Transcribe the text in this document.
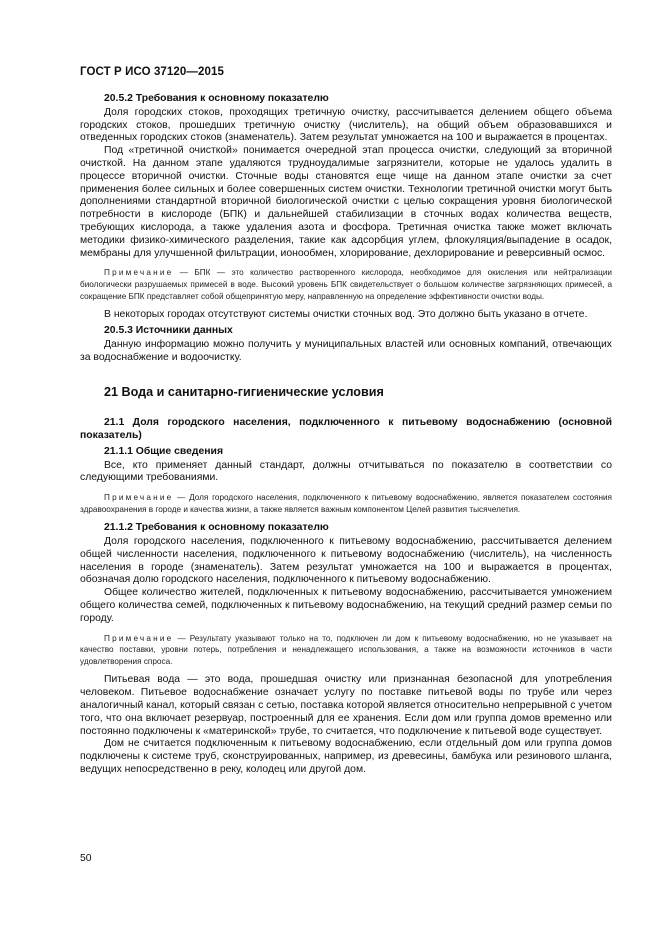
ГОСТ Р ИСО 37120—2015
20.5.2 Требования к основному показателю

Доля городских стоков, проходящих третичную очистку, рассчитывается делением общего объема городских стоков, прошедших третичную очистку (числитель), на общий объем образовавшихся и отведенных городских стоков (знаменатель). Затем результат умножается на 100 и выражается в процентах.

Под «третичной очисткой» понимается очередной этап процесса очистки, следующий за вторичной очисткой. На данном этапе удаляются трудноудалимые загрязнители, которые не удалось удалить в процессе вторичной очистки. Сточные воды становятся еще чище на данном этапе очистки за счет применения более сильных и более совершенных систем очистки. Технологии третичной очистки могут быть дополнениями стандартной вторичной биологической очистки с целью сокращения уровня биологической потребности в кислороде (БПК) и дальнейшей стабилизации в сточных водах количества веществ, требующих кислорода, а также удаления азота и фосфора. Третичная очистка также может включать методики физико-химического разделения, такие как адсорбция углем, флокуляция/выпадение в осадок, мембраны для улучшенной фильтрации, ионообмен, хлорирование, дехлорирование и реверсивный осмос.

Примечание — БПК — это количество растворенного кислорода, необходимое для окисления или нейтрализации биологически разрушаемых примесей в воде. Высокий уровень БПК свидетельствует о большом количестве загрязняющих примесей, а сокращение БПК представляет собой общепринятую меру, направленную на определение эффективности очистки воды.

В некоторых городах отсутствуют системы очистки сточных вод. Это должно быть указано в отчете.

20.5.3 Источники данных

Данную информацию можно получить у муниципальных властей или основных компаний, отвечающих за водоснабжение и водоочистку.

21 Вода и санитарно-гигиенические условия

21.1 Доля городского населения, подключенного к питьевому водоснабжению (основной показатель)

21.1.1 Общие сведения

Все, кто применяет данный стандарт, должны отчитываться по показателю в соответствии со следующими требованиями.

Примечание — Доля городского населения, подключенного к питьевому водоснабжению, является показателем состояния здравоохранения в городе и качества жизни, а также является важным компонентом Целей развития тысячелетия.
21.1.2 Требования к основному показателю

Доля городского населения, подключенного к питьевому водоснабжению, рассчитывается делением общей численности населения, подключенного к питьевому водоснабжению (числитель), на численность населения в городе (знаменатель). Затем результат умножается на 100 и выражается в процентах, обозначая долю городского населения, подключенного к питьевому водоснабжению.

Общее количество жителей, подключенных к питьевому водоснабжению, рассчитывается умножением общего количества семей, подключенных к питьевому водоснабжению, на текущий средний размер семьи по городу.

Примечание — Результату указывают только на то, подключен ли дом к питьевому водоснабжению, но не указывает на качество поставки, уровни потерь, потребления и ненадлежащего использования, а также на возможности источников в части удовлетворения спроса.

Питьевая вода — это вода, прошедшая очистку или признанная безопасной для употребления человеком. Питьевое водоснабжение означает услугу по поставке питьевой воды по трубе или через аналогичный канал, который связан с сетью, поставка которой является относительно непрерывной с учетом того, что она включает резервуар, построенный для ее хранения. Если дом или группа домов временно или постоянно подключены к «материнской» трубе, то считается, что подключение к питьевой воде существует.

Дом не считается подключенным к питьевому водоснабжению, если отдельный дом или группа домов подключены к системе труб, сконструированных, например, из древесины, бамбука или резинового шланга, ведущих непосредственно в реку, колодец или другой дом.

50
